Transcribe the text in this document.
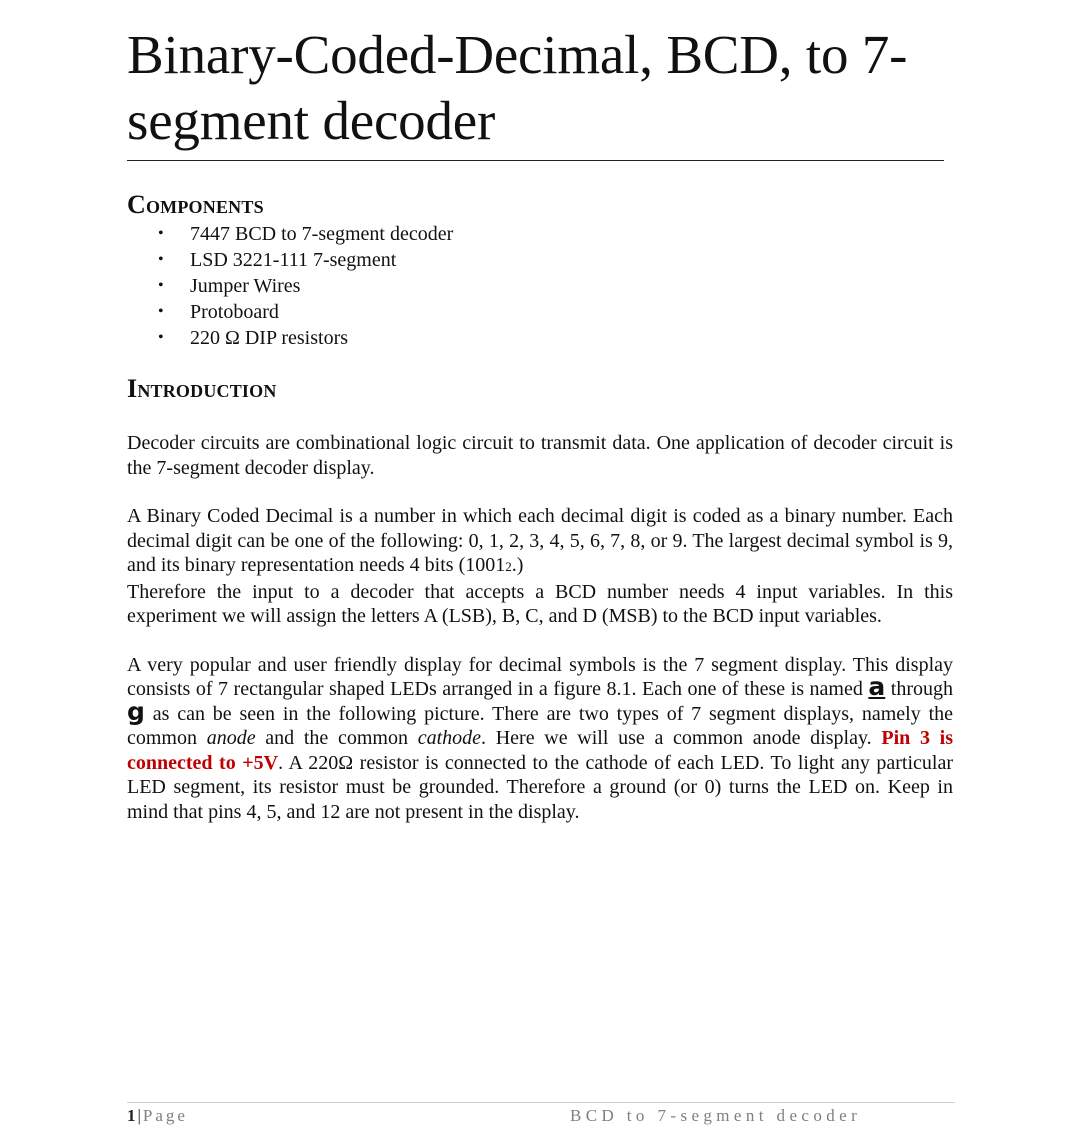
Binary-Coded-Decimal, BCD, to 7-segment decoder
Components
• 7447 BCD to 7-segment decoder
• LSD 3221-111 7-segment
• Jumper Wires
• Protoboard
• 220 Ω DIP resistors
Introduction

Decoder circuits are combinational logic circuit to transmit data. One application of decoder circuit is the 7-segment decoder display.

A Binary Coded Decimal is a number in which each decimal digit is coded as a binary number. Each decimal digit can be one of the following: 0, 1, 2, 3, 4, 5, 6, 7, 8, or 9. The largest decimal symbol is 9, and its binary representation needs 4 bits (10012.)

Therefore the input to a decoder that accepts a BCD number needs 4 input variables. In this experiment we will assign the letters A (LSB), B, C, and D (MSB) to the BCD input variables.

A very popular and user friendly display for decimal symbols is the 7 segment display. This display consists of 7 rectangular shaped LEDs arranged in a figure 8.1. Each one of these is named a through g as can be seen in the following picture. There are two types of 7 segment displays, namely the common anode and the common cathode. Here we will use a common anode display. Pin 3 is connected to +5V. A 220Ω resistor is connected to the cathode of each LED. To light any particular LED segment, its resistor must be grounded. Therefore a ground (or 0) turns the LED on. Keep in mind that pins 4, 5, and 12 are not present in the display.

1|Page	BCD to 7-segment decoder
